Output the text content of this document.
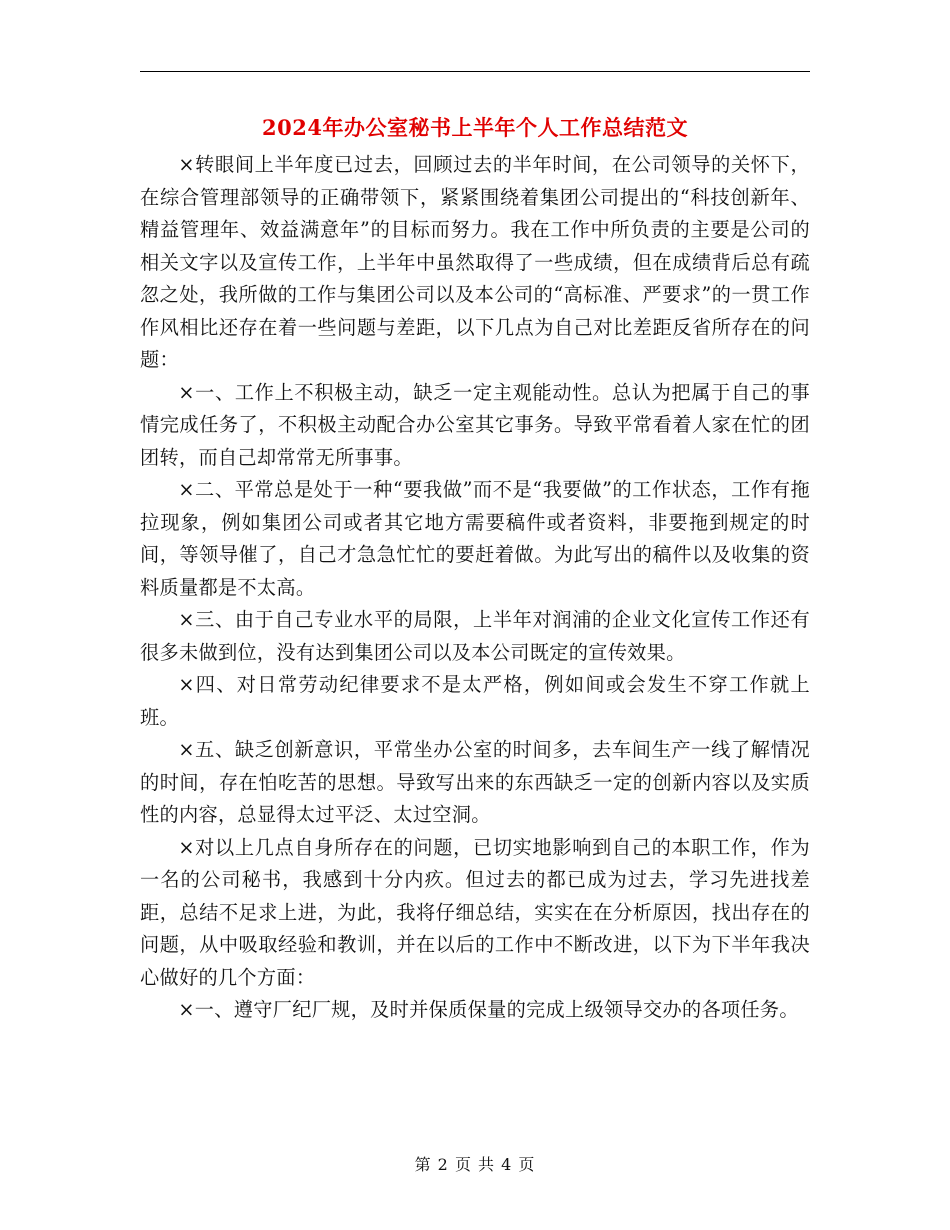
2024年办公室秘书上半年个人工作总结范文

×转眼间上半年度已过去，回顾过去的半年时间，在公司领导的关怀下，在综合管理部领导的正确带领下，紧紧围绕着集团公司提出的“科技创新年、精益管理年、效益满意年”的目标而努力。我在工作中所负责的主要是公司的相关文字以及宣传工作，上半年中虽然取得了一些成绩，但在成绩背后总有疏忽之处，我所做的工作与集团公司以及本公司的“高标准、严要求”的一贯工作作风相比还存在着一些问题与差距，以下几点为自己对比差距反省所存在的问题：

×一、工作上不积极主动，缺乏一定主观能动性。总认为把属于自己的事情完成任务了，不积极主动配合办公室其它事务。导致平常看着人家在忙的团团转，而自己却常常无所事事。

×二、平常总是处于一种“要我做”而不是“我要做”的工作状态，工作有拖拉现象，例如集团公司或者其它地方需要稿件或者资料，非要拖到规定的时间，等领导催了，自己才急急忙忙的要赶着做。为此写出的稿件以及收集的资料质量都是不太高。

×三、由于自己专业水平的局限，上半年对润浦的企业文化宣传工作还有很多未做到位，没有达到集团公司以及本公司既定的宣传效果。

×四、对日常劳动纪律要求不是太严格，例如间或会发生不穿工作就上班。

×五、缺乏创新意识，平常坐办公室的时间多，去车间生产一线了解情况的时间，存在怕吃苦的思想。导致写出来的东西缺乏一定的创新内容以及实质性的内容，总显得太过平泛、太过空洞。

×对以上几点自身所存在的问题，已切实地影响到自己的本职工作，作为一名的公司秘书，我感到十分内疚。但过去的都已成为过去，学习先进找差距，总结不足求上进，为此，我将仔细总结，实实在在分析原因，找出存在的问题，从中吸取经验和教训，并在以后的工作中不断改进，以下为下半年我决心做好的几个方面：

×一、遵守厂纪厂规，及时并保质保量的完成上级领导交办的各项任务。

第 2 页 共 4 页
